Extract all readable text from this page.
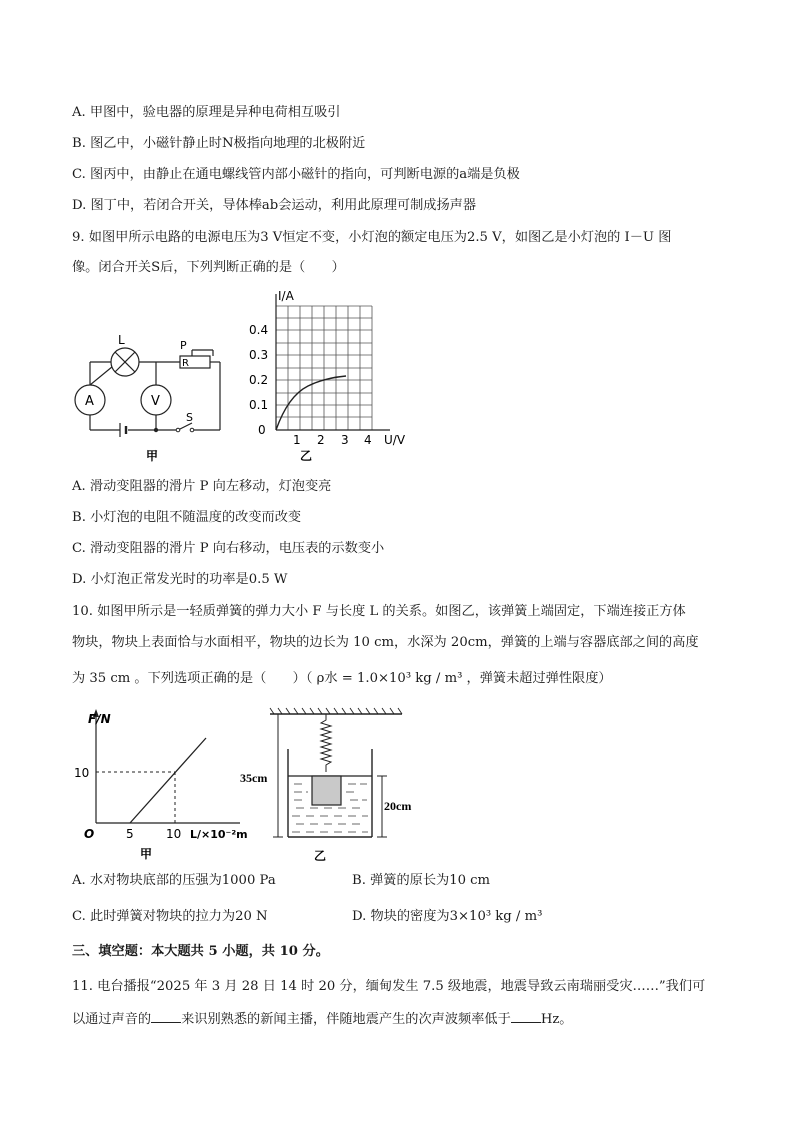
A. 甲图中，验电器的原理是异种电荷相互吸引
B. 图乙中，小磁针静止时N极指向地理的北极附近
C. 图丙中，由静止在通电螺线管内部小磁针的指向，可判断电源的a端是负极
D. 图丁中，若闭合开关，导体棒ab会运动，利用此原理可制成扬声器
9. 如图甲所示电路的电源电压为3 V恒定不变，小灯泡的额定电压为2.5 V，如图乙是小灯泡的 I－U 图
像。闭合开关S后，下列判断正确的是（　　）
L
A	V
P
R
S
甲
I/A
0.4
0.3
0.2
0.1
0
1 2 3 4 U/V
乙
A. 滑动变阻器的滑片 P 向左移动，灯泡变亮
B. 小灯泡的电阻不随温度的改变而改变
C. 滑动变阻器的滑片 P 向右移动，电压表的示数变小
D. 小灯泡正常发光时的功率是0.5 W
10. 如图甲所示是一轻质弹簧的弹力大小 F 与长度 L 的关系。如图乙，该弹簧上端固定，下端连接正方体
物块，物块上表面恰与水面相平，物块的边长为 10 cm，水深为 20cm，弹簧的上端与容器底部之间的高度
为 35 cm 。下列选项正确的是（　　）（ ρ水 = 1.0×10³ kg / m³ ，弹簧未超过弹性限度）
F/N
10
O	5	10 L/×10⁻²m
甲
35cm
20cm
乙
A. 水对物块底部的压强为1000 Pa	B. 弹簧的原长为10 cm
C. 此时弹簧对物块的拉力为20 N	D. 物块的密度为3×10³ kg / m³
三、填空题：本大题共 5 小题，共 10 分。
11. 电台播报“2025 年 3 月 28 日 14 时 20 分，缅甸发生 7.5 级地震，地震导致云南瑞丽受灾……”我们可
以通过声音的 来识别熟悉的新闻主播，伴随地震产生的次声波频率低于 Hz。
